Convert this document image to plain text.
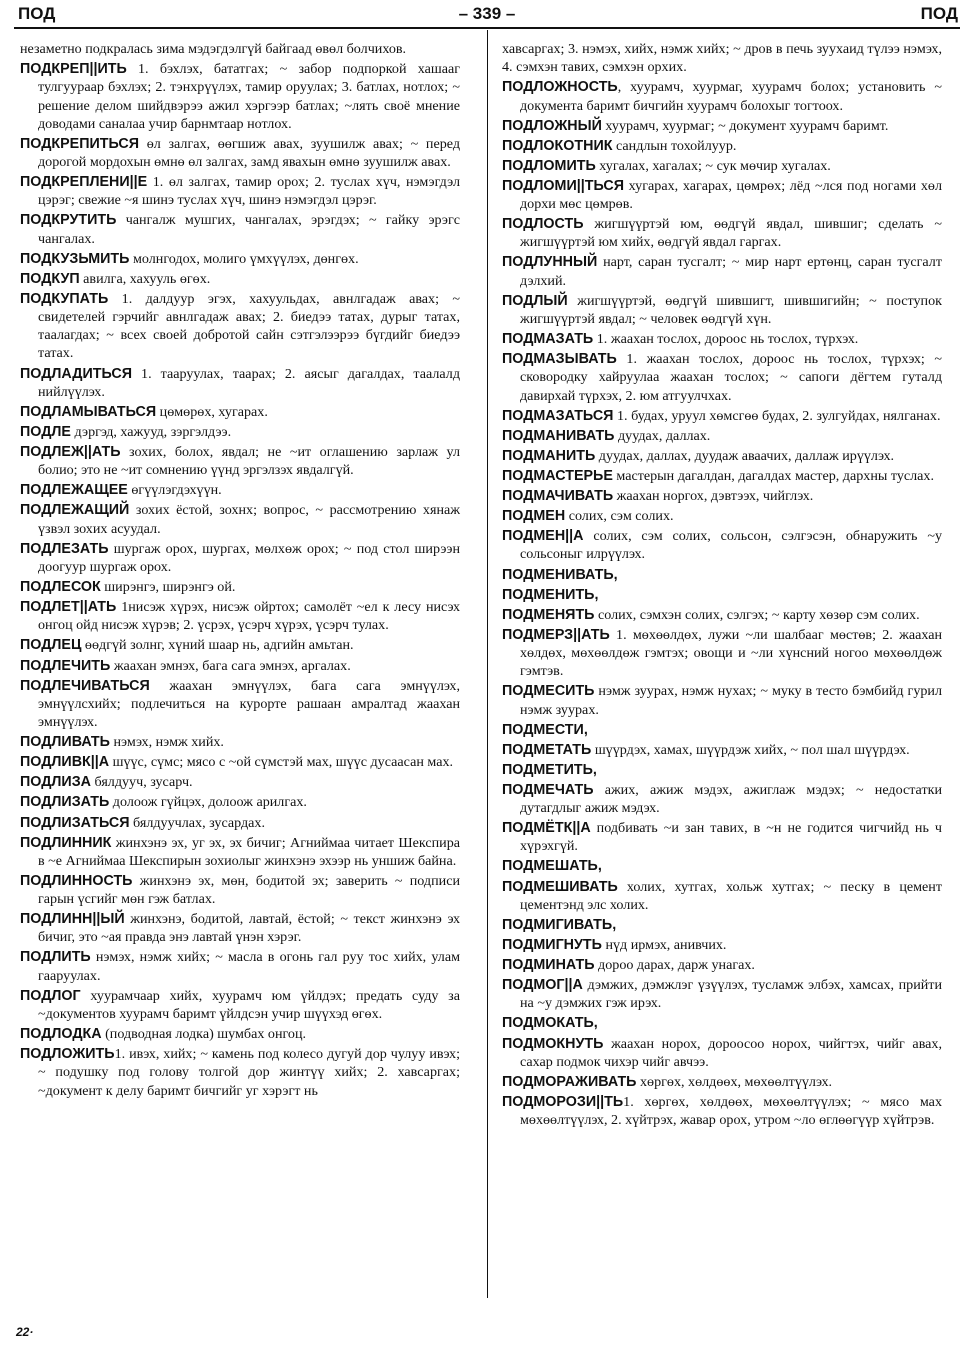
ПОД	– 339 –	ПОД
незаметно подкралась зима мэдэгдэлгүй байгаад өвөл болчихов.
ПОДКРЕП||ИТЬ 1. бэхлэх, бататгах; ~ забор подпоркой хашааг тулгуураар бэхлэх; 2. тэнхрүүлэх, тамир оруулах; 3. батлах, нотлох; ~ решение делом шийдвэрээ ажил хэргээр батлах; ~лять своё мнение доводами саналаа учир барнмтаар нотлох.
ПОДКРЕПИТЬСЯ өл залгах, өөгшиж авах, зуушилж авах; ~ перед дорогой мордохын өмнө өл залгах, замд явахын өмнө зуушилж авах.
ПОДКРЕПЛЕНИ||Е 1. өл залгах, тамир орох; 2. туслах хүч, нэмэгдэл цэрэг; свежие ~я шинэ туслах хүч, шинэ нэмэгдэл цэрэг.
ПОДКРУТИТЬ чангалж мушгих, чангалах, эрэгдэх; ~ гайку эрэгс чангалах.
ПОДКУЗЬМИТЬ молнгодох, молиго үмхүүлэх, дөнгөх.
ПОДКУП авилга, хахууль өгөх.
ПОДКУПАТЬ 1. далдуур эгэх, хахуульдах, авнлгадаж авах; ~ свидетелей гэрчийг авнлгадаж авах; 2. биедээ татах, дурыг татах, таалагдах; ~ всех своей добротой сайн сэтгэлээрээ бүгдийг биедээ татах.
ПОДЛАДИТЬСЯ 1. тааруулах, таарах; 2. аясыг дагалдах, таалалд нийлүүлэх.
ПОДЛАМЫВАТЬСЯ цөмөрөх, хугарах.
ПОДЛЕ дэргэд, хажууд, зэргэлдээ.
ПОДЛЕЖ||АТЬ зохих, болох, явдал; не ~ит оглашению зарлаж ул болио; это не ~ит сомнению үүнд эргэлзэх явдалгүй.
ПОДЛЕЖАЩЕЕ өгүүлэгдэхүүн.
ПОДЛЕЖАЩИЙ зохих ёстой, зохнх; вопрос, ~ рассмотрению хянаж үзвэл зохих асуудал.
ПОДЛЕЗАТЬ шургаж орох, шургах, мөлхөж орох; ~ под стол ширээн доогуур шургаж орох.
ПОДЛЕСОК ширэнгэ, ширэнгэ ой.
ПОДЛЕТ||АТЬ 1нисэж хүрэх, нисэж ойртох; самолёт ~ел к лесу нисэх онгоц ойд нисэж хүрэв; 2. үсрэх, үсэрч хүрэх, үсэрч тулах.
ПОДЛЕЦ өөдгүй золнг, хүний шаар нь, адгийн амьтан.
ПОДЛЕЧИТЬ жаахан эмнэх, бага сага эмнэх, аргалах.
ПОДЛЕЧИВАТЬСЯ жаахан эмнүүлэх, бага сага эмнүүлэх, эмнүүлсхийх; подлечиться на курорте рашаан амралтад жаахан эмнүүлэх.
ПОДЛИВАТЬ нэмэх, нэмж хийх.
ПОДЛИВК||А шүүс, сүмс; мясо с ~ой сүмстэй мах, шүүс дусаасан мах.
ПОДЛИЗА бялдууч, зусарч.
ПОДЛИЗАТЬ долоож гүйцэх, долоож арилгах.
ПОДЛИЗАТЬСЯ бялдуучлах, зусардах.
ПОДЛИННИК жинхэнэ эх, уг эх, эх бичиг; Агниймаа читает Шекспира в ~е Агниймаа Шекспирын зохиолыг жинхэнэ эхээр нь уншиж байна.
ПОДЛИННОСТЬ жинхэнэ эх, мөн, бодитой эх; заверить ~ подписи гарын үсгийг мөн гэж батлах.
ПОДЛИНН||ЫЙ жинхэнэ, бодитой, лавтай, ёстой; ~ текст жинхэнэ эх бичиг, это ~ая правда энэ лавтай үнэн хэрэг.
ПОДЛИТЬ нэмэх, нэмж хийх; ~ масла в огонь гал руу тос хийх, улам гааруулах.
ПОДЛОГ хуурамчаар хийх, хуурамч юм үйлдэх; предать суду за ~документов хуурамч баримт үйлдсэн учир шүүхэд өгөх.
ПОДЛОДКА (подводная лодка) шумбах онгоц.
ПОДЛОЖИТЬ1. ивэх, хийх; ~ камень под колесо дугуй дор чулуу ивэх; ~ подушку под голову толгой дор жинтүү хийх; 2. хавсаргах; ~документ к делу баримт бичгийг уг хэрэгт нь
хавсаргах; 3. нэмэх, хийх, нэмж хийх; ~ дров в печь зуухаид түлээ нэмэх, 4. сэмхэн тавих, сэмхэн орхих.
ПОДЛОЖНОСТЬ, хуурамч, хуурмаг, хуурамч болох; установить ~ документа баримт бичгийн хуурамч болохыг тогтоох.
ПОДЛОЖНЫЙ хуурамч, хуурмаг; ~ документ хуурамч баримт.
ПОДЛОКОТНИК сандлын тохойлуур.
ПОДЛОМИТЬ хугалах, хагалах; ~ сук мөчир хугалах.
ПОДЛОМИ||ТЬСЯ хугарах, хагарах, цөмрөх; лёд ~лся под ногами хөл дорхи мөс цөмрөв.
ПОДЛОСТЬ жигшүүртэй юм, өөдгүй явдал, шившиг; сделать ~ жигшүүртэй юм хийх, өөдгүй явдал гаргах.
ПОДЛУННЫЙ нарт, саран тусгалт; ~ мир нарт ертөнц, саран тусгалт дэлхий.
ПОДЛЫЙ жигшүүртэй, өөдгүй шившигт, шившигийн; ~ поступок жигшүүртэй явдал; ~ человек өөдгүй хүн.
ПОДМАЗАТЬ 1. жаахан тослох, дороос нь тослох, түрхэх.
ПОДМАЗЫВАТЬ 1. жаахан тослох, дороос нь тослох, түрхэх; ~ сковородку хайруулаа жаахан тослох; ~ сапоги дёгтем гуталд давирхай түрхэх, 2. юм атгуулчхах.
ПОДМАЗАТЬСЯ 1. будах, уруул хөмсгөө будах, 2. зулгуйдах, нялганах.
ПОДМАНИВАТЬ дуудах, даллах.
ПОДМАНИТЬ дуудах, даллах, дуудаж аваачих, даллаж ирүүлэх.
ПОДМАСТЕРЬЕ мастерын дагалдан, дагалдах мастер, дархны туслах.
ПОДМАЧИВАТЬ жаахан норгох, дэвтээх, чийглэх.
ПОДМЕН солих, сэм солих.
ПОДМЕН||А солих, сэм солих, сольсон, сэлгэсэн, обнаружить ~у сольсоныг илрүүлэх.
ПОДМЕНИВАТЬ,
ПОДМЕНИТЬ,
ПОДМЕНЯТЬ солих, сэмхэн солих, сэлгэх; ~ карту хөзөр сэм солих.
ПОДМЕРЗ||АТЬ 1. мөхөөлдөх, лужи ~ли шалбааг мөстөв; 2. жаахан хөлдөх, мөхөөлдөж гэмтэх; овощи и ~ли хүнсний ногоо мөхөөлдөж гэмтэв.
ПОДМЕСИТЬ нэмж зуурах, нэмж нухах; ~ муку в тесто бэмбийд гурил нэмж зуурах.
ПОДМЕСТИ,
ПОДМЕТАТЬ шүүрдэх, хамах, шүүрдэж хийх, ~ пол шал шүүрдэх.
ПОДМЕТИТЬ,
ПОДМЕЧАТЬ ажих, ажиж мэдэх, ажиглаж мэдэх; ~ недостатки дутагдлыг ажиж мэдэх.
ПОДМЁТК||А подбивать ~и зан тавих, в ~н не годится чигчийд нь ч хүрэхгүй.
ПОДМЕШАТЬ,
ПОДМЕШИВАТЬ холих, хутгах, хольж хутгах; ~ песку в цемент цементэнд элс холих.
ПОДМИГИВАТЬ,
ПОДМИГНУТЬ нүд ирмэх, анивчих.
ПОДМИНАТЬ дороо дарах, дарж унагах.
ПОДМОГ||А дэмжих, дэмжлэг үзүүлэх, тусламж элбэх, хамсах, прийти на ~у дэмжих гэж ирэх.
ПОДМОКАТЬ,
ПОДМОКНУТЬ жаахан норох, дороосоо норох, чийгтэх, чийг авах, сахар подмок чихэр чийг авчээ.
ПОДМОРАЖИВАТЬ хөргөх, хөлдөөх, мөхөөлтүүлэх.
ПОДМОРОЗИ||ТЬ1. хөргөх, хөлдөөх, мөхөөлтүүлэх; ~ мясо мах мөхөөлтүүлэх, 2. хүйтрэх, жавар орох, утром ~ло өглөөгүүр хүйтрэв.
22·
